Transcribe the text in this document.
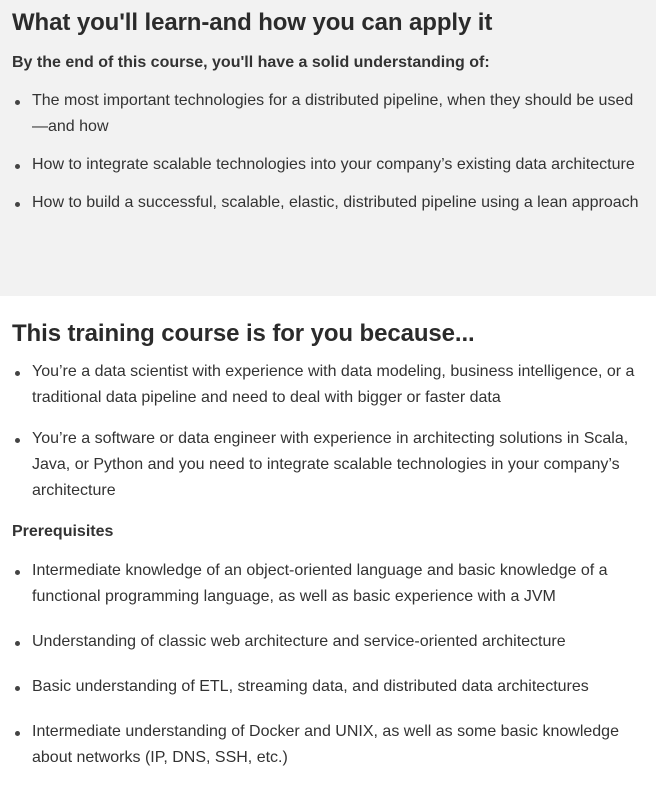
What you'll learn-and how you can apply it

By the end of this course, you'll have a solid understanding of:

The most important technologies for a distributed pipeline, when they should be used—and how
How to integrate scalable technologies into your company’s existing data architecture
How to build a successful, scalable, elastic, distributed pipeline using a lean approach
This training course is for you because...
You’re a data scientist with experience with data modeling, business intelligence, or a traditional data pipeline and need to deal with bigger or faster data
You’re a software or data engineer with experience in architecting solutions in Scala, Java, or Python and you need to integrate scalable technologies in your company’s architecture

Prerequisites

Intermediate knowledge of an object-oriented language and basic knowledge of a functional programming language, as well as basic experience with a JVM
Understanding of classic web architecture and service-oriented architecture
Basic understanding of ETL, streaming data, and distributed data architectures
Intermediate understanding of Docker and UNIX, as well as some basic knowledge about networks (IP, DNS, SSH, etc.)
